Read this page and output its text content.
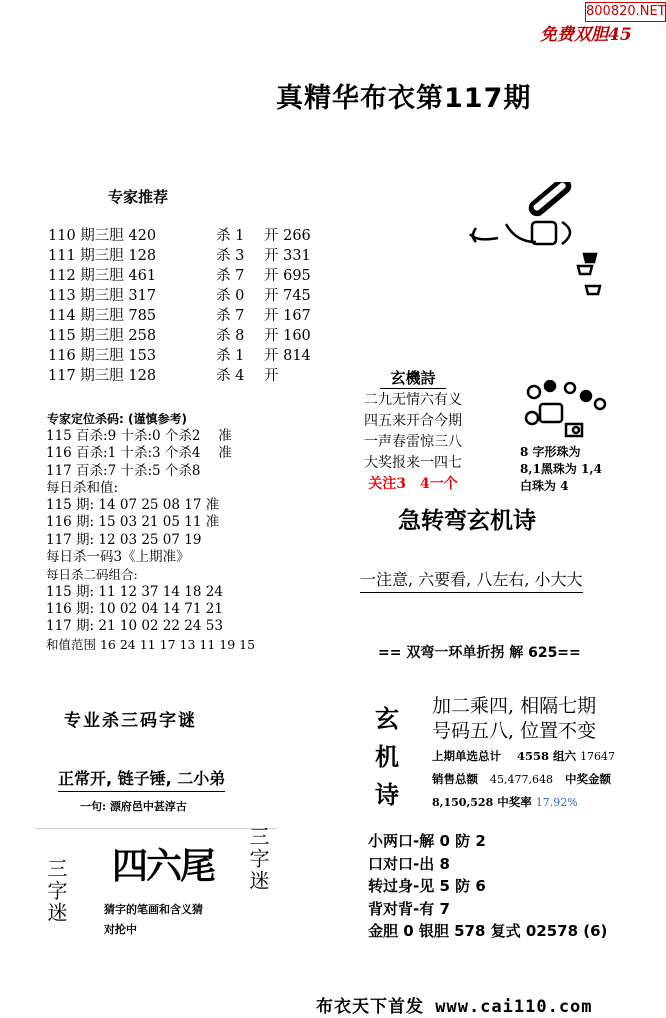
800820.NET
免费双胆45
真精华布衣第117期
专家推荐
110 期三胆 420	杀 1	开 266
111 期三胆 128	杀 3	开 331
112 期三胆 461	杀 7	开 695
113 期三胆 317	杀 0	开 745
114 期三胆 785	杀 7	开 167
115 期三胆 258	杀 8	开 160
116 期三胆 153	杀 1	开 814
117 期三胆 128	杀 4	开
专家定位杀码: (谨慎参考)
115 百杀:9 十杀:0 个杀2　 准
116 百杀:1 十杀:3 个杀4　 准
117 百杀:7 十杀:5 个杀8
每日杀和值:
115 期: 14 07 25 08 17 准
116 期: 15 03 21 05 11 准
117 期: 12 03 25 07 19
每日杀一码3《上期准》
每日杀二码组合:
115 期: 11 12 37 14 18 24
116 期: 10 02 04 14 71 21
117 期: 21 10 02 22 24 53
和值范围 16 24 11 17 13 11 19 15
玄機詩
二九无情六有义
四五来开合今期
一声春雷惊三八
大奖报来一四七
关注3　4一个
8 字形珠为
8,1黑珠为 1,4
白珠为 4
急转弯玄机诗
一注意, 六要看, 八左右, 小大大
== 双弯一环单折拐 解 625==
玄
机
诗
加二乘四, 相隔七期
号码五八, 位置不变
上期单选总计 4558 组六 17647
销售总额 45,477,648 中奖金额
8,150,528 中奖率 17.92%
小两口-解 0 防 2
口对口-出 8
转过身-见 5 防 6
背对背-有 7
金胆 0 银胆 578 复式 02578 (6)
专业杀三码字谜
正常开, 链子锤, 二小弟
一句: 漂府邑中甚淳古
四六尾
三字迷	三字迷
猜字的笔画和含义猜
对抡中
布衣天下首发 www.cai110.com
